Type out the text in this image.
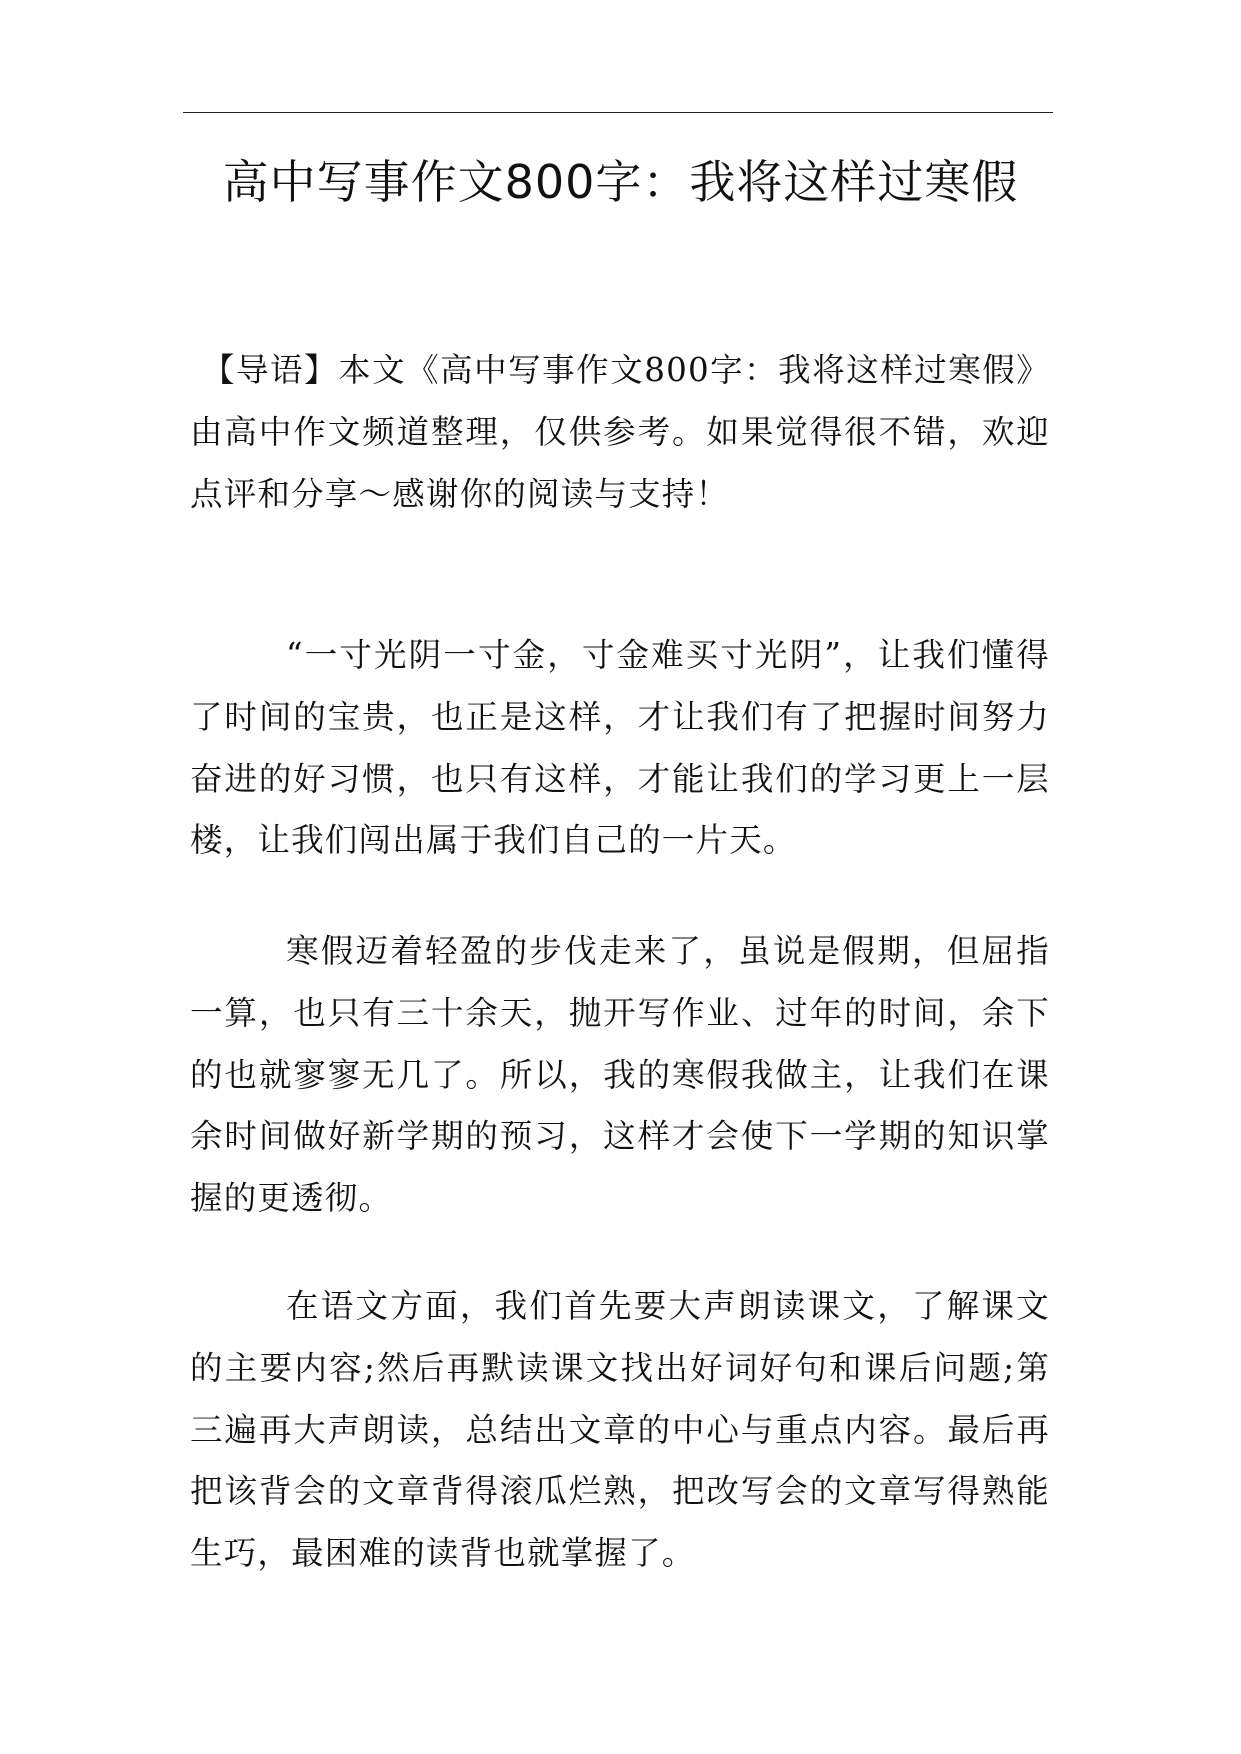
高中写事作文800字：我将这样过寒假

【导语】本文《高中写事作文800字：我将这样过寒假》由高中作文频道整理，仅供参考。如果觉得很不错，欢迎点评和分享～感谢你的阅读与支持！

“一寸光阴一寸金，寸金难买寸光阴”，让我们懂得了时间的宝贵，也正是这样，才让我们有了把握时间努力奋进的好习惯，也只有这样，才能让我们的学习更上一层楼，让我们闯出属于我们自己的一片天。

寒假迈着轻盈的步伐走来了，虽说是假期，但屈指一算，也只有三十余天，抛开写作业、过年的时间，余下的也就寥寥无几了。所以，我的寒假我做主，让我们在课余时间做好新学期的预习，这样才会使下一学期的知识掌握的更透彻。

在语文方面，我们首先要大声朗读课文，了解课文的主要内容;然后再默读课文找出好词好句和课后问题;第三遍再大声朗读，总结出文章的中心与重点内容。最后再把该背会的文章背得滚瓜烂熟，把改写会的文章写得熟能生巧，最困难的读背也就掌握了。
